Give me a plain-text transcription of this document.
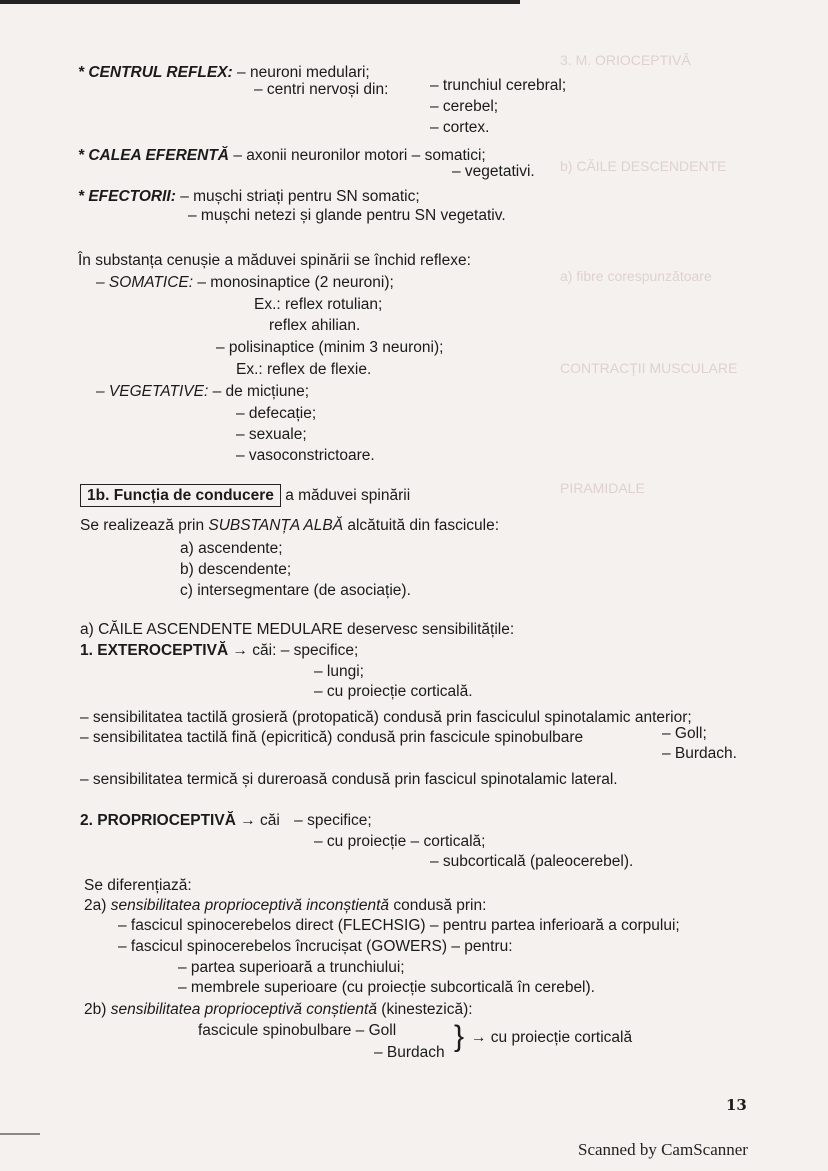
3. M. ORIOCEPTIVĂ
b) CĂILE DESCENDENTE
a) fibre corespunzătoare
CONTRACȚII MUSCULARE
PIRAMIDALE
* CENTRUL REFLEX: – neuroni medulari;
– centri nervoși din:	– trunchiul cerebral;
– cerebel;
– cortex.
* CALEA EFERENTĂ – axonii neuronilor motori – somatici;
– vegetativi.
* EFECTORII: – mușchi striați pentru SN somatic;
– mușchi netezi și glande pentru SN vegetativ.
În substanța cenușie a măduvei spinării se închid reflexe:
– SOMATICE: – monosinaptice (2 neuroni);
Ex.: reflex rotulian;
reflex ahilian.
– polisinaptice (minim 3 neuroni);
Ex.: reflex de flexie.
– VEGETATIVE: – de micțiune;
– defecație;
– sexuale;
– vasoconstrictoare.
1b. Funcția de conducere a măduvei spinării
Se realizează prin SUBSTANȚA ALBĂ alcătuită din fascicule:
a) ascendente;
b) descendente;
c) intersegmentare (de asociație).
a) CĂILE ASCENDENTE MEDULARE deservesc sensibilitățile:
1. EXTEROCEPTIVĂ → căi: – specifice;
– lungi;
– cu proiecție corticală.
– sensibilitatea tactilă grosieră (protopatică) condusă prin fasciculul spinotalamic anterior;
– sensibilitatea tactilă fină (epicritică) condusă prin fascicule spinobulbare	– Goll;
– Burdach.
– sensibilitatea termică și dureroasă condusă prin fascicul spinotalamic lateral.
2. PROPRIOCEPTIVĂ → căi – specifice;
– cu proiecție – corticală;
– subcorticală (paleocerebel).
Se diferențiază:
2a) sensibilitatea proprioceptivă inconștientă condusă prin:
– fascicul spinocerebelos direct (FLECHSIG) – pentru partea inferioară a corpului;
– fascicul spinocerebelos încrucișat (GOWERS) – pentru:
– partea superioară a trunchiului;
– membrele superioare (cu proiecție subcorticală în cerebel).
2b) sensibilitatea proprioceptivă conștientă (kinestezică):
fascicule spinobulbare – Goll
– Burdach } → cu proiecție corticală
13
Scanned by CamScanner
